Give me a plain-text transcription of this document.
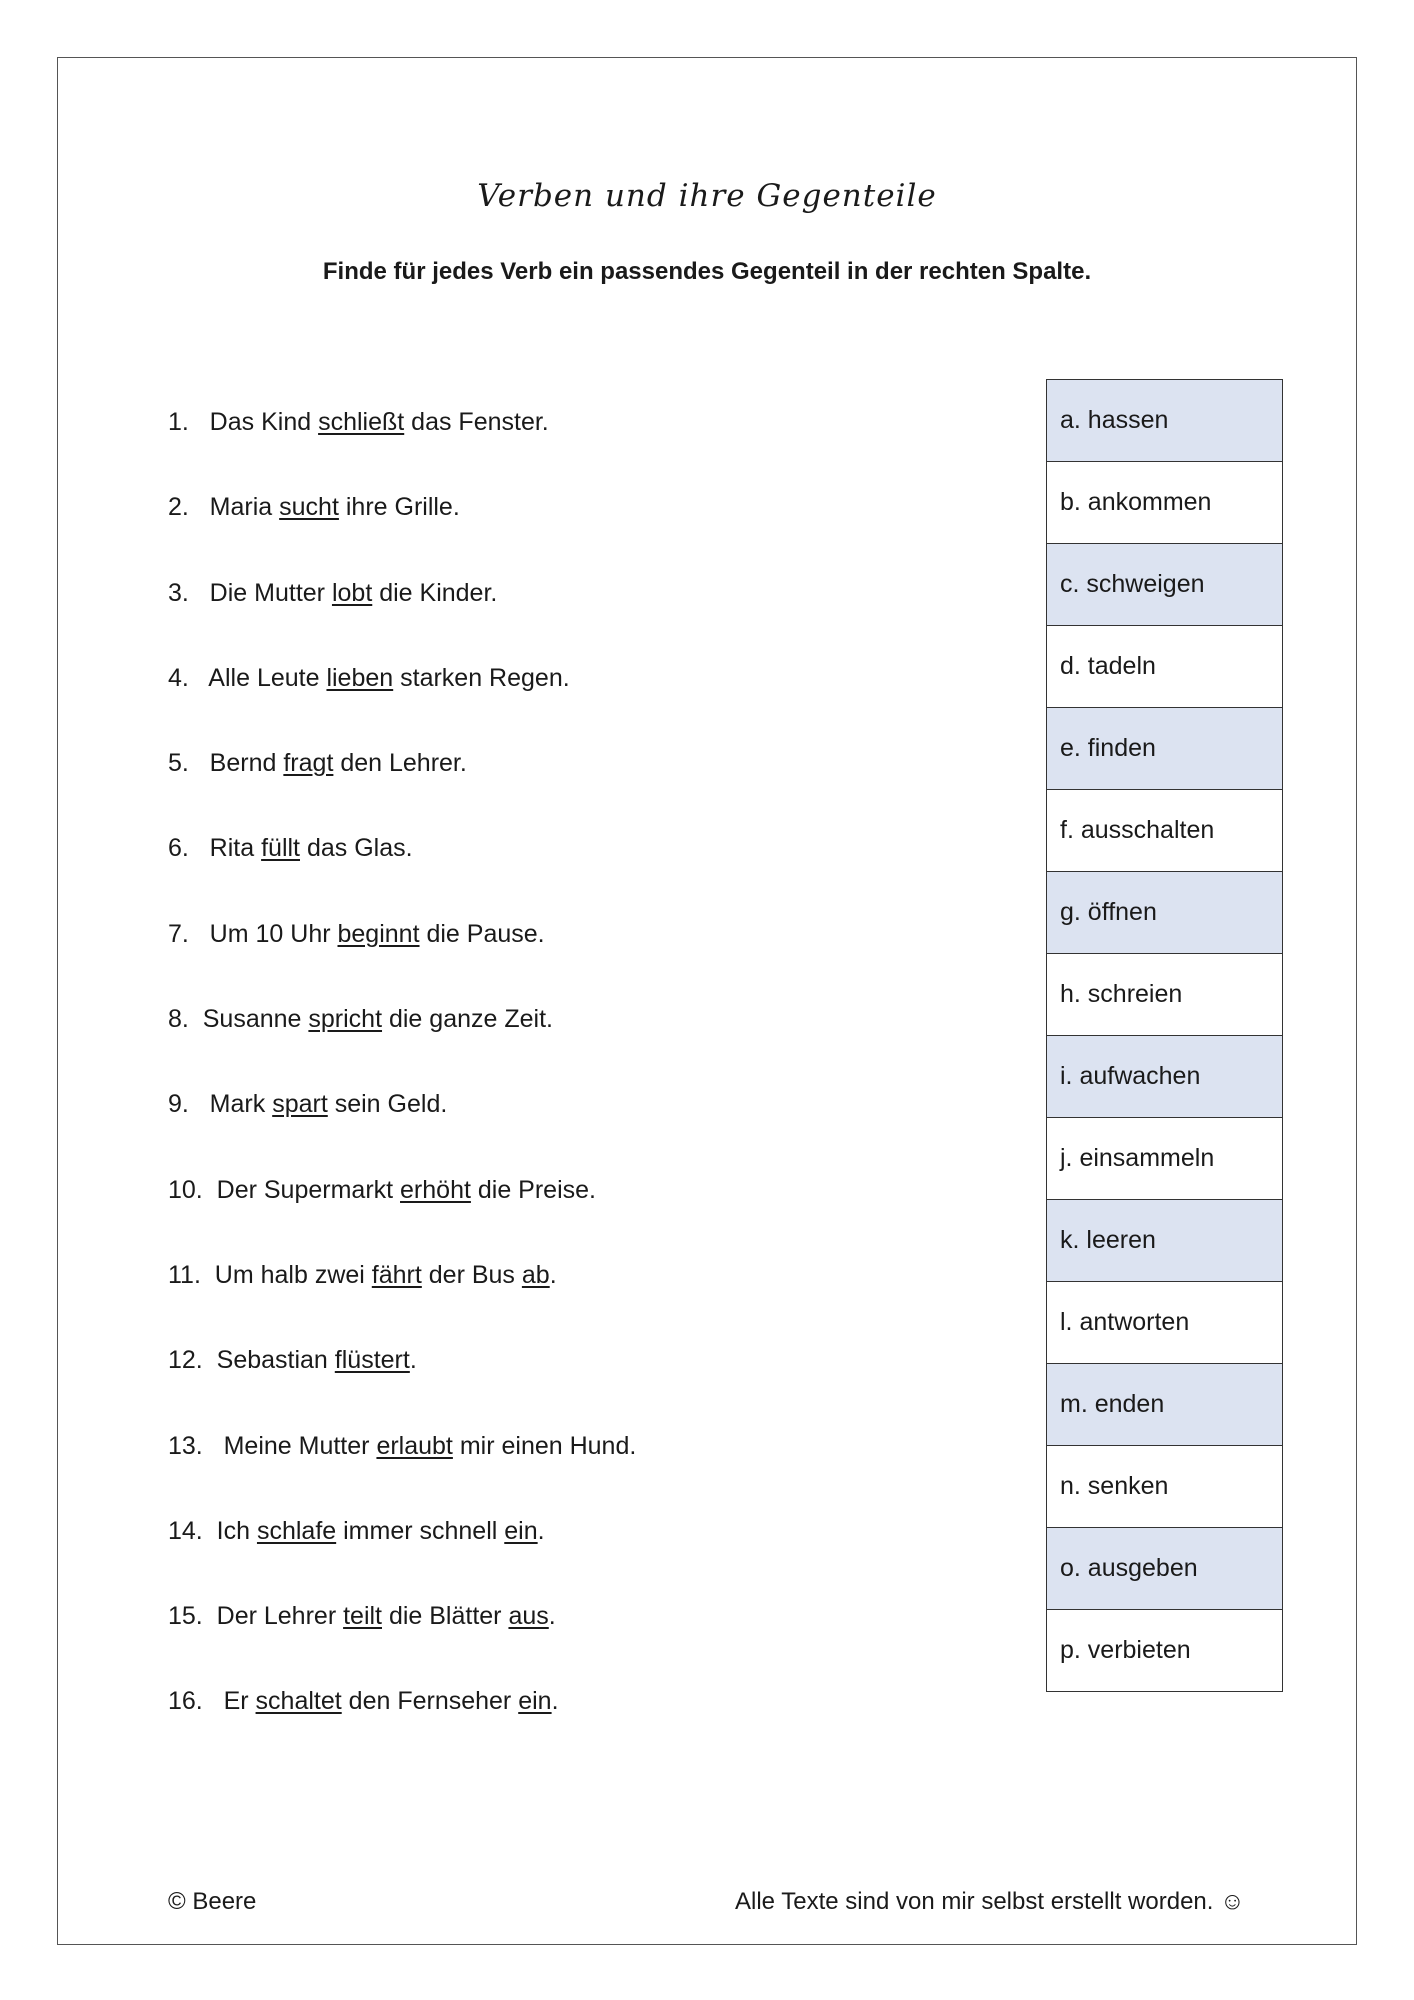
Verben und ihre Gegenteile
Finde für jedes Verb ein passendes Gegenteil in der rechten Spalte.
1.   Das Kind schließt das Fenster.
2.   Maria sucht ihre Grille.
3.   Die Mutter lobt die Kinder.
4.   Alle Leute lieben starken Regen.
5.   Bernd fragt den Lehrer.
6.   Rita füllt das Glas.
7.   Um 10 Uhr beginnt die Pause.
8.  Susanne spricht die ganze Zeit.
9.   Mark spart sein Geld.
10.  Der Supermarkt erhöht die Preise.
11.  Um halb zwei fährt der Bus ab.
12.  Sebastian flüstert.
13.   Meine Mutter erlaubt mir einen Hund.
14.  Ich schlafe immer schnell ein.
15.  Der Lehrer teilt die Blätter aus.
16.   Er schaltet den Fernseher ein.
a. hassen
b. ankommen
c. schweigen
d. tadeln
e. finden
f. ausschalten
g. öffnen
h. schreien
i. aufwachen
j. einsammeln
k. leeren
l. antworten
m. enden
n. senken
o. ausgeben
p. verbieten
© Beere	Alle Texte sind von mir selbst erstellt worden. ☺
